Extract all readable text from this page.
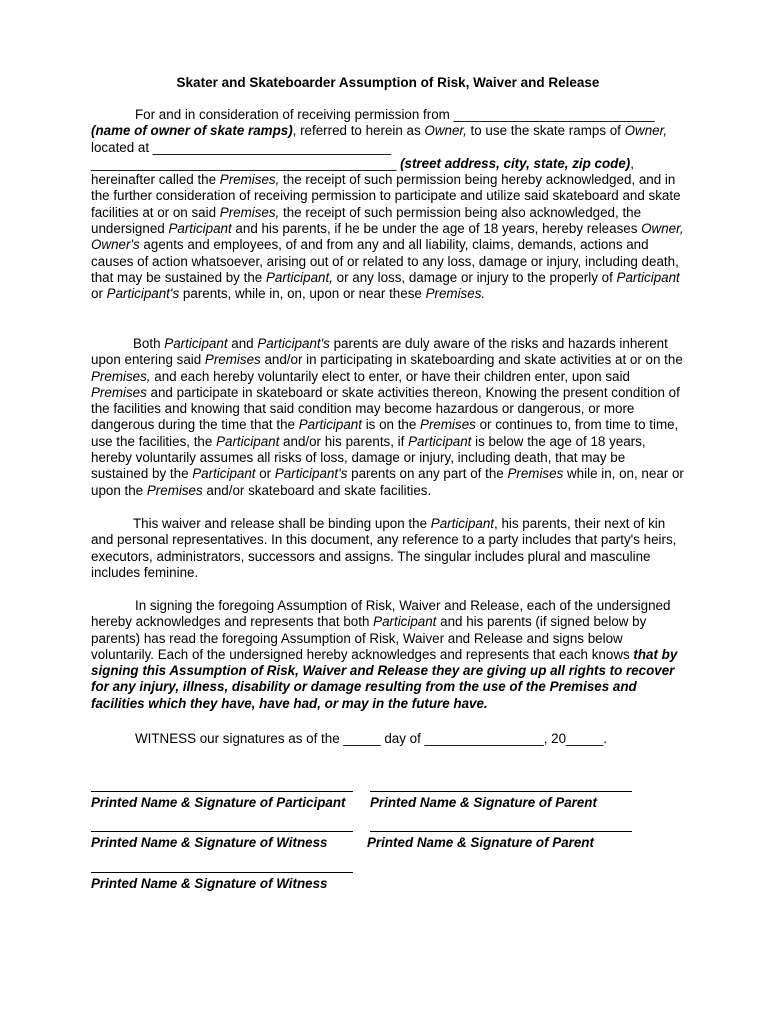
Skater and Skateboarder Assumption of Risk, Waiver and Release
For and in consideration of receiving permission from ___________________________ (name of owner of skate ramps), referred to herein as Owner, to use the skate ramps of Owner, located at ________________________________ _________________________________________ (street address, city, state, zip code), hereinafter called the Premises, the receipt of such permission being hereby acknowledged, and in the further consideration of receiving permission to participate and utilize said skateboard and skate facilities at or on said Premises, the receipt of such permission being also acknowledged, the undersigned Participant and his parents, if he be under the age of 18 years, hereby releases Owner, Owner's agents and employees, of and from any and all liability, claims, demands, actions and causes of action whatsoever, arising out of or related to any loss, damage or injury, including death, that may be sustained by the Participant, or any loss, damage or injury to the properly of Participant or Participant's parents, while in, on, upon or near these Premises.
Both Participant and Participant's parents are duly aware of the risks and hazards inherent upon entering said Premises and/or in participating in skateboarding and skate activities at or on the Premises, and each hereby voluntarily elect to enter, or have their children enter, upon said Premises and participate in skateboard or skate activities thereon, Knowing the present condition of the facilities and knowing that said condition may become hazardous or dangerous, or more dangerous during the time that the Participant is on the Premises or continues to, from time to time, use the facilities, the Participant and/or his parents, if Participant is below the age of 18 years, hereby voluntarily assumes all risks of loss, damage or injury, including death, that may be sustained by the Participant or Participant's parents on any part of the Premises while in, on, near or upon the Premises and/or skateboard and skate facilities.
This waiver and release shall be binding upon the Participant, his parents, their next of kin and personal representatives. In this document, any reference to a party includes that party's heirs, executors, administrators, successors and assigns. The singular includes plural and masculine includes feminine.
In signing the foregoing Assumption of Risk, Waiver and Release, each of the undersigned hereby acknowledges and represents that both Participant and his parents (if signed below by parents) has read the foregoing Assumption of Risk, Waiver and Release and signs below voluntarily. Each of the undersigned hereby acknowledges and represents that each knows that by signing this Assumption of Risk, Waiver and Release they are giving up all rights to recover for any injury, illness, disability or damage resulting from the use of the Premises and facilities which they have, have had, or may in the future have.
WITNESS our signatures as of the _____ day of ________________, 20_____.
Printed Name & Signature of Participant Printed Name & Signature of Parent
Printed Name & Signature of Witness	Printed Name & Signature of Parent
Printed Name & Signature of Witness
